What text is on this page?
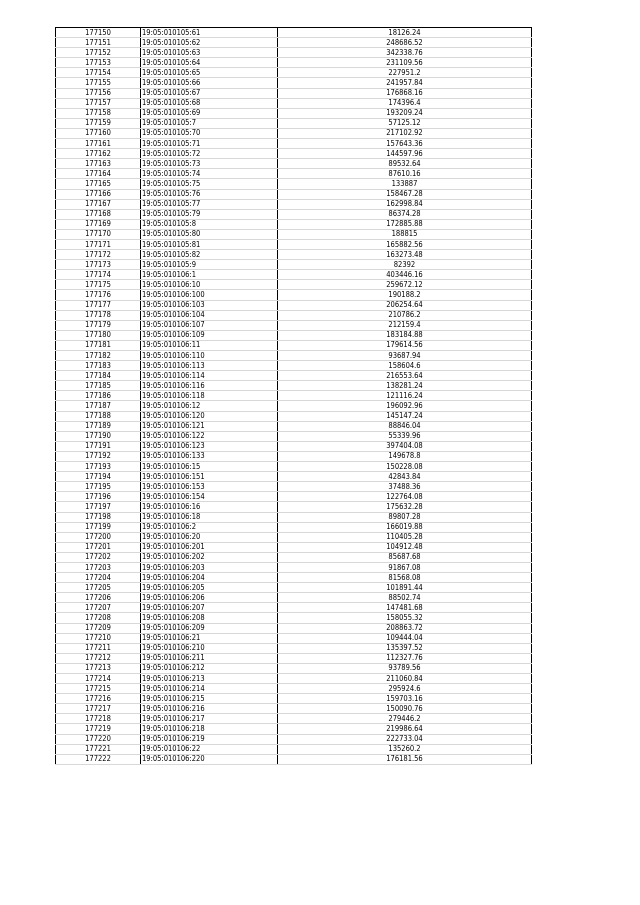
177150	19:05:010105:61	18126.24
177151	19:05:010105:62	248686.52
177152	19:05:010105:63	342338.76
177153	19:05:010105:64	231109.56
177154	19:05:010105:65	227951.2
177155	19:05:010105:66	241957.84
177156	19:05:010105:67	176868.16
177157	19:05:010105:68	174396.4
177158	19:05:010105:69	193209.24
177159	19:05:010105:7	57125.12
177160	19:05:010105:70	217102.92
177161	19:05:010105:71	157643.36
177162	19:05:010105:72	144597.96
177163	19:05:010105:73	89532.64
177164	19:05:010105:74	87610.16
177165	19:05:010105:75	133887
177166	19:05:010105:76	158467.28
177167	19:05:010105:77	162998.84
177168	19:05:010105:79	86374.28
177169	19:05:010105:8	172885.88
177170	19:05:010105:80	188815
177171	19:05:010105:81	165882.56
177172	19:05:010105:82	163273.48
177173	19:05:010105:9	82392
177174	19:05:010106:1	403446.16
177175	19:05:010106:10	259672.12
177176	19:05:010106:100	190188.2
177177	19:05:010106:103	206254.64
177178	19:05:010106:104	210786.2
177179	19:05:010106:107	212159.4
177180	19:05:010106:109	183184.88
177181	19:05:010106:11	179614.56
177182	19:05:010106:110	93687.94
177183	19:05:010106:113	158604.6
177184	19:05:010106:114	216553.64
177185	19:05:010106:116	138281.24
177186	19:05:010106:118	121116.24
177187	19:05:010106:12	196092.96
177188	19:05:010106:120	145147.24
177189	19:05:010106:121	88846.04
177190	19:05:010106:122	55339.96
177191	19:05:010106:123	397404.08
177192	19:05:010106:133	149678.8
177193	19:05:010106:15	150228.08
177194	19:05:010106:151	42843.84
177195	19:05:010106:153	37488.36
177196	19:05:010106:154	122764.08
177197	19:05:010106:16	175632.28
177198	19:05:010106:18	89807.28
177199	19:05:010106:2	166019.88
177200	19:05:010106:20	110405.28
177201	19:05:010106:201	104912.48
177202	19:05:010106:202	85687.68
177203	19:05:010106:203	91867.08
177204	19:05:010106:204	81568.08
177205	19:05:010106:205	101891.44
177206	19:05:010106:206	88502.74
177207	19:05:010106:207	147481.68
177208	19:05:010106:208	158055.32
177209	19:05:010106:209	208863.72
177210	19:05:010106:21	109444.04
177211	19:05:010106:210	135397.52
177212	19:05:010106:211	112327.76
177213	19:05:010106:212	93789.56
177214	19:05:010106:213	211060.84
177215	19:05:010106:214	295924.6
177216	19:05:010106:215	159703.16
177217	19:05:010106:216	150090.76
177218	19:05:010106:217	279446.2
177219	19:05:010106:218	219986.64
177220	19:05:010106:219	222733.04
177221	19:05:010106:22	135260.2
177222	19:05:010106:220	176181.56
